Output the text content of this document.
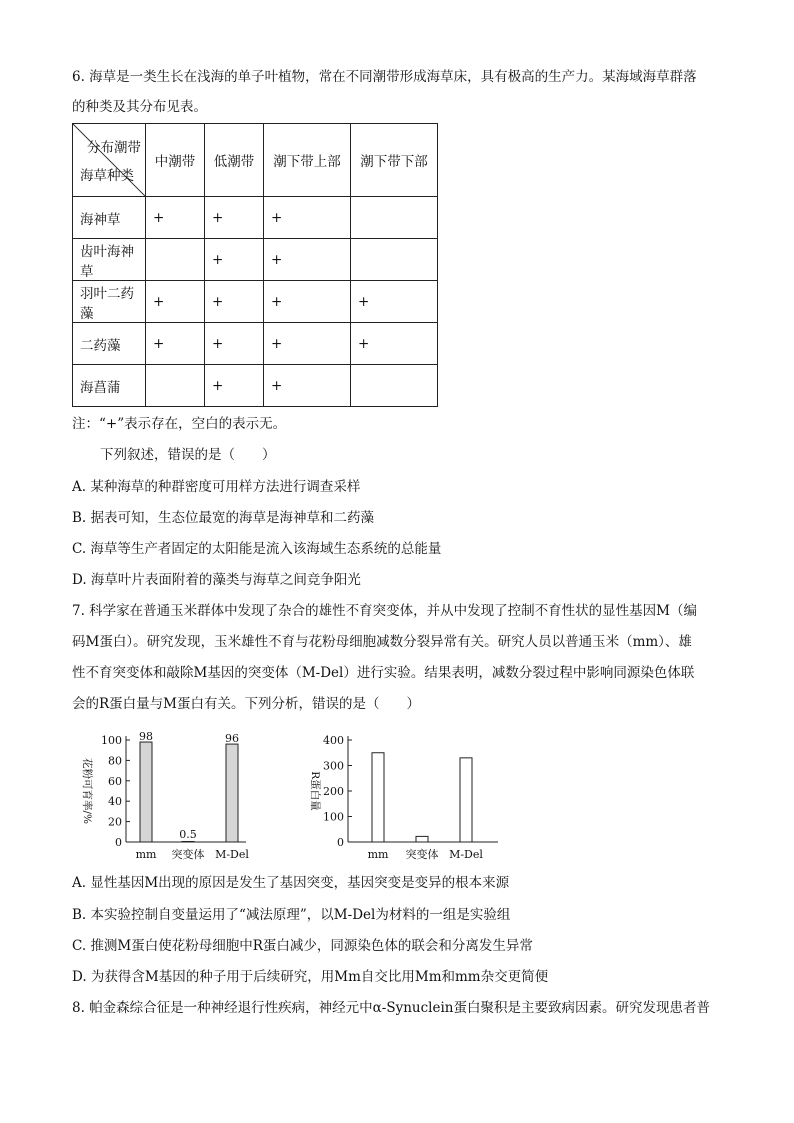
6. 海草是一类生长在浅海的单子叶植物，常在不同潮带形成海草床，具有极高的生产力。某海域海草群落
的种类及其分布见表。
分布潮带
海草种类	中潮带	低潮带	潮下带上部	潮下带下部
海神草	+	+	+	
齿叶海神草		+	+	
羽叶二药藻	+	+	+	+
二药藻	+	+	+	+
海菖蒲		+	+	
注：“+”表示存在，空白的表示无。
下列叙述，错误的是（　　）
A. 某种海草的种群密度可用样方法进行调查采样
B. 据表可知，生态位最宽的海草是海神草和二药藻
C. 海草等生产者固定的太阳能是流入该海域生态系统的总能量
D. 海草叶片表面附着的藻类与海草之间竞争阳光
7. 科学家在普通玉米群体中发现了杂合的雄性不育突变体，并从中发现了控制不育性状的显性基因M（编
码M蛋白）。研究发现，玉米雄性不育与花粉母细胞减数分裂异常有关。研究人员以普通玉米（mm）、雄
性不育突变体和敲除M基因的突变体（M-Del）进行实验。结果表明，减数分裂过程中影响同源染色体联
会的R蛋白量与M蛋白有关。下列分析，错误的是（　　）
0
20
40
60
80
100
花粉可育率/%
mm
98
突变体
0.5
M-Del
96
0
100
200
300
400
R蛋白量
mm 突变体 M-Del
A. 显性基因M出现的原因是发生了基因突变，基因突变是变异的根本来源
B. 本实验控制自变量运用了“减法原理”，以M-Del为材料的一组是实验组
C. 推测M蛋白使花粉母细胞中R蛋白减少，同源染色体的联会和分离发生异常
D. 为获得含M基因的种子用于后续研究，用Mm自交比用Mm和mm杂交更简便
8. 帕金森综合征是一种神经退行性疾病，神经元中α-Synuclein蛋白聚积是主要致病因素。研究发现患者普
